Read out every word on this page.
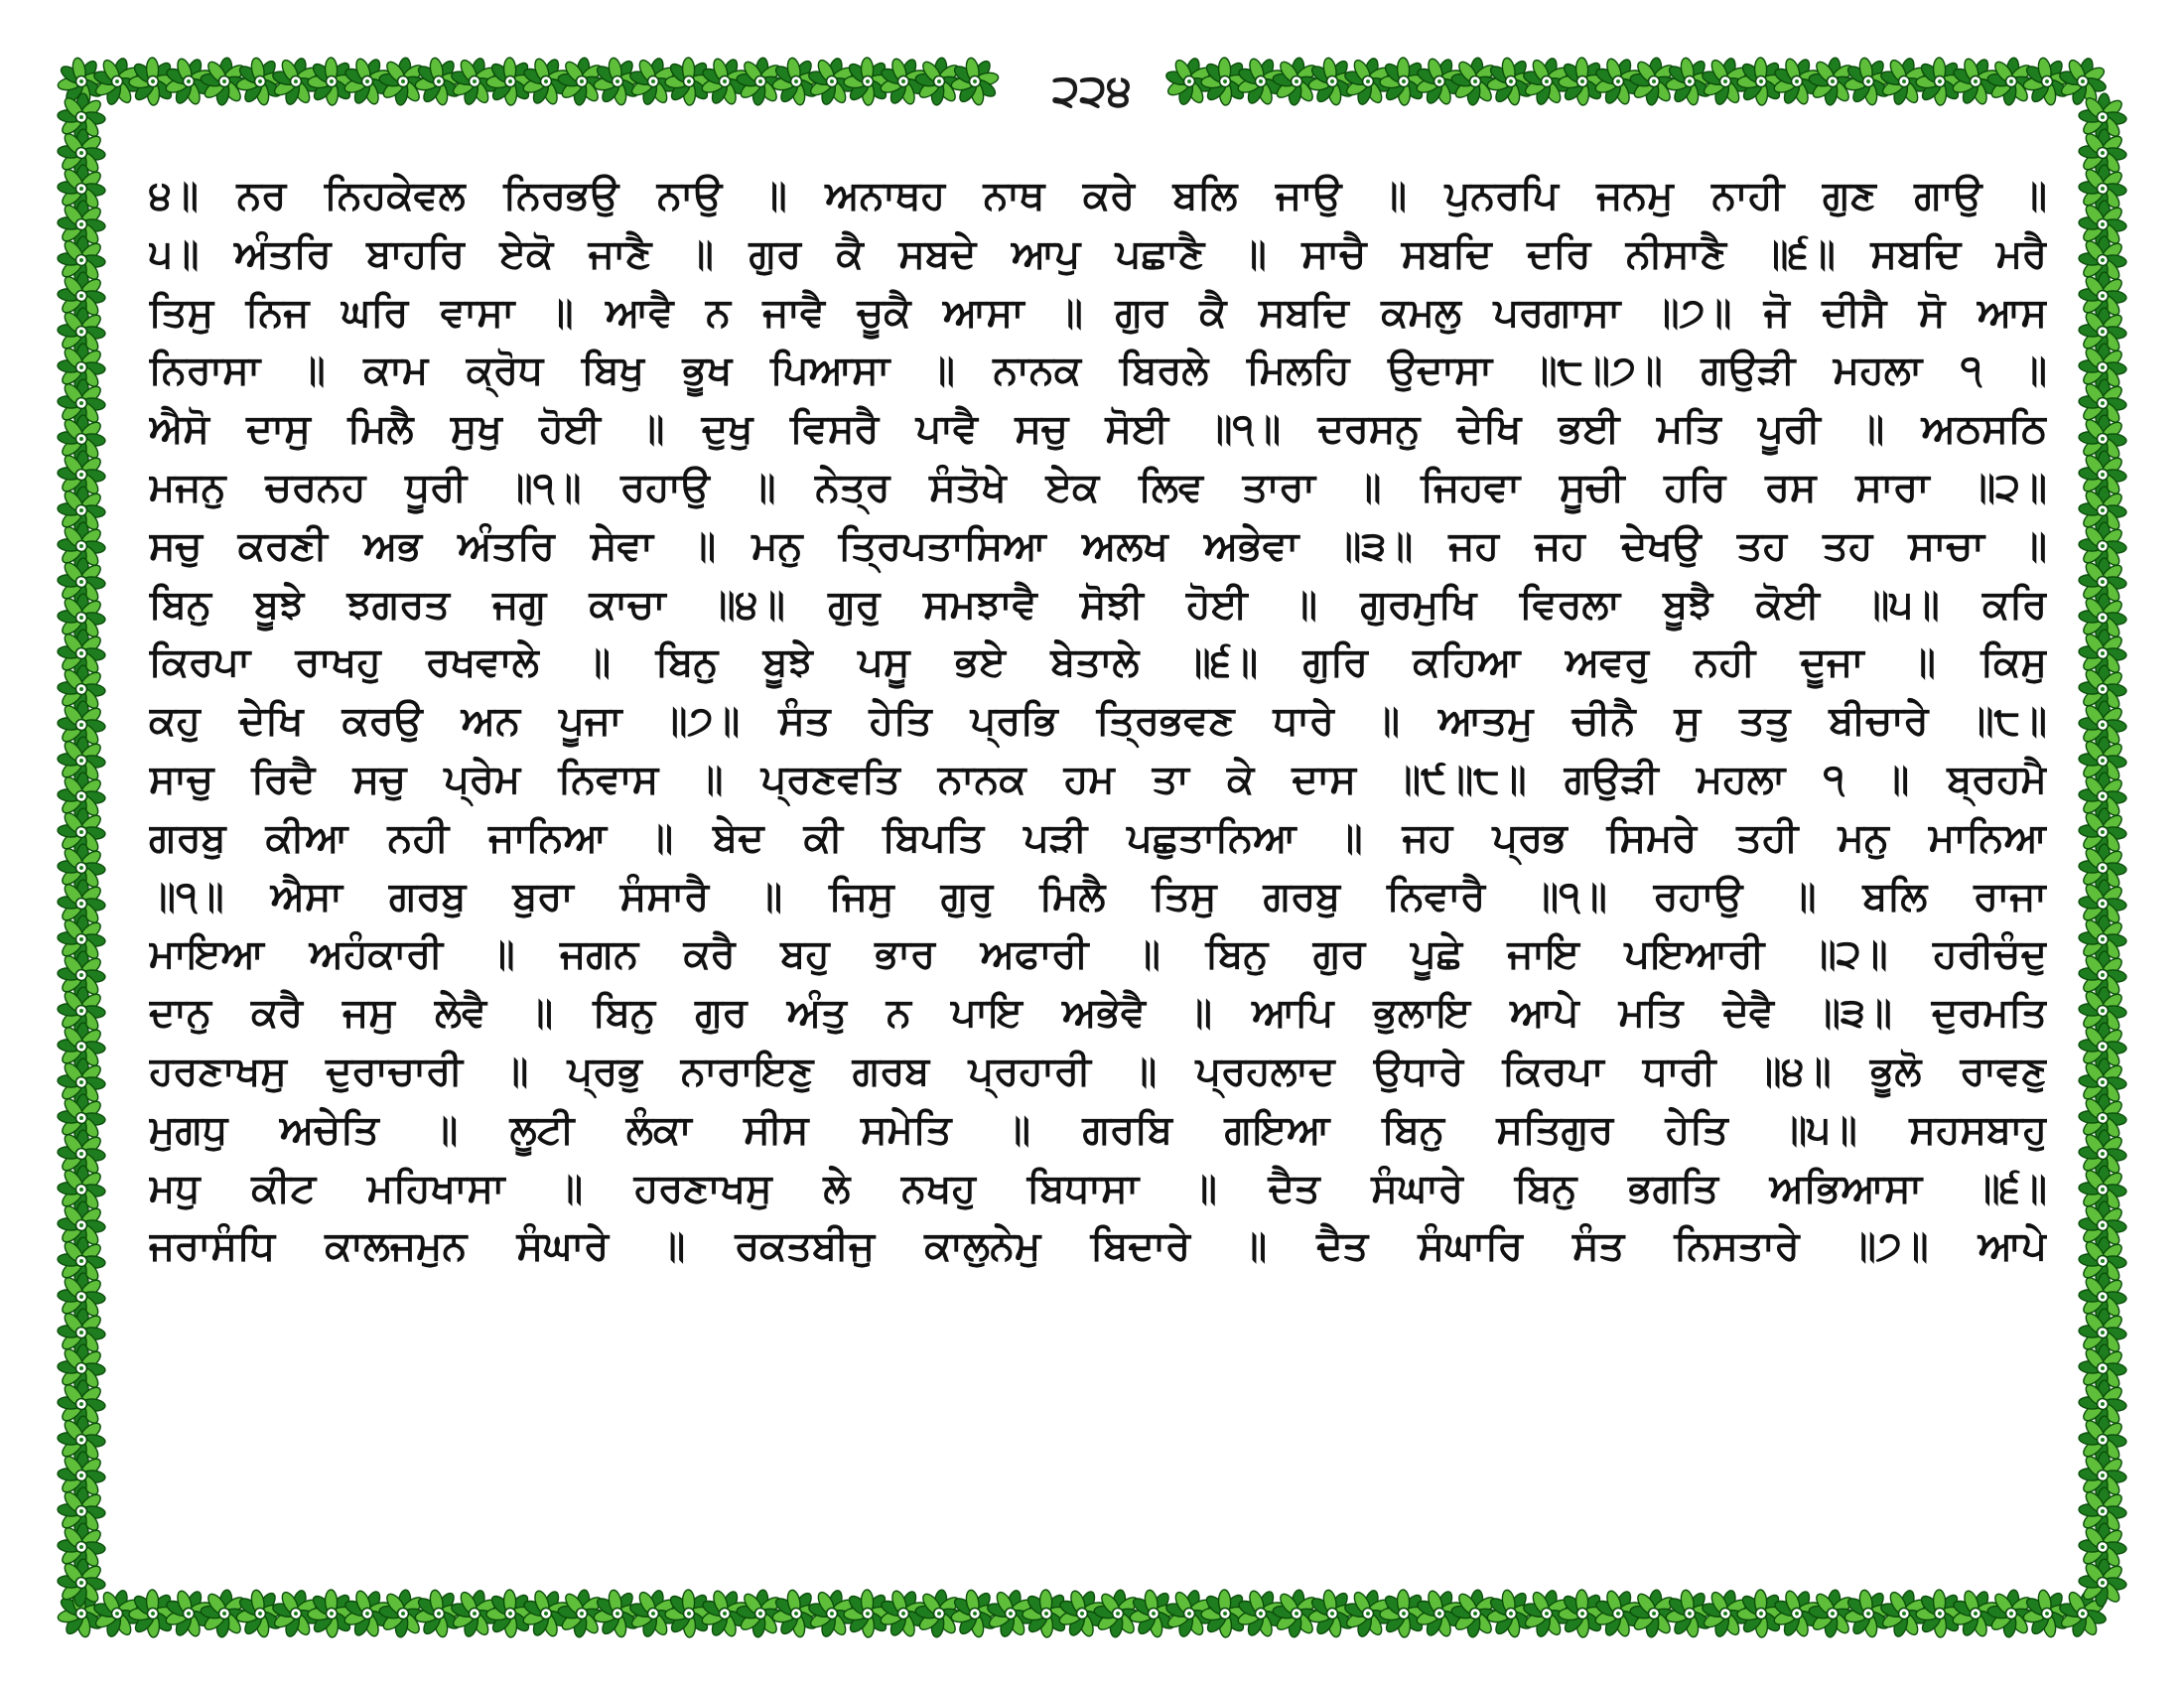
੨੨੪
੪॥ ਨਰ ਨਿਹਕੇਵਲ ਨਿਰਭਉ ਨਾਉ ॥ ਅਨਾਥਹ ਨਾਥ ਕਰੇ ਬਲਿ ਜਾਉ ॥ ਪੁਨਰਪਿ ਜਨਮੁ ਨਾਹੀ ਗੁਣ ਗਾਉ ॥
੫॥ ਅੰਤਰਿ ਬਾਹਰਿ ਏਕੋ ਜਾਣੈ ॥ ਗੁਰ ਕੈ ਸਬਦੇ ਆਪੁ ਪਛਾਣੈ ॥ ਸਾਚੈ ਸਬਦਿ ਦਰਿ ਨੀਸਾਣੈ ॥੬॥ ਸਬਦਿ ਮਰੈ
ਤਿਸੁ ਨਿਜ ਘਰਿ ਵਾਸਾ ॥ ਆਵੈ ਨ ਜਾਵੈ ਚੂਕੈ ਆਸਾ ॥ ਗੁਰ ਕੈ ਸਬਦਿ ਕਮਲੁ ਪਰਗਾਸਾ ॥੭॥ ਜੋ ਦੀਸੈ ਸੋ ਆਸ
ਨਿਰਾਸਾ ॥ ਕਾਮ ਕ੍ਰੋਧ ਬਿਖੁ ਭੂਖ ਪਿਆਸਾ ॥ ਨਾਨਕ ਬਿਰਲੇ ਮਿਲਹਿ ਉਦਾਸਾ ॥੮॥੭॥ ਗਉੜੀ ਮਹਲਾ ੧ ॥
ਐਸੋ ਦਾਸੁ ਮਿਲੈ ਸੁਖੁ ਹੋਈ ॥ ਦੁਖੁ ਵਿਸਰੈ ਪਾਵੈ ਸਚੁ ਸੋਈ ॥੧॥ ਦਰਸਨੁ ਦੇਖਿ ਭਈ ਮਤਿ ਪੂਰੀ ॥ ਅਠਸਠਿ
ਮਜਨੁ ਚਰਨਹ ਧੂਰੀ ॥੧॥ ਰਹਾਉ ॥ ਨੇਤ੍ਰ ਸੰਤੋਖੇ ਏਕ ਲਿਵ ਤਾਰਾ ॥ ਜਿਹਵਾ ਸੂਚੀ ਹਰਿ ਰਸ ਸਾਰਾ ॥੨॥
ਸਚੁ ਕਰਣੀ ਅਭ ਅੰਤਰਿ ਸੇਵਾ ॥ ਮਨੁ ਤ੍ਰਿਪਤਾਸਿਆ ਅਲਖ ਅਭੇਵਾ ॥੩॥ ਜਹ ਜਹ ਦੇਖਉ ਤਹ ਤਹ ਸਾਚਾ ॥
ਬਿਨੁ ਬੂਝੇ ਝਗਰਤ ਜਗੁ ਕਾਚਾ ॥੪॥ ਗੁਰੁ ਸਮਝਾਵੈ ਸੋਝੀ ਹੋਈ ॥ ਗੁਰਮੁਖਿ ਵਿਰਲਾ ਬੂਝੈ ਕੋਈ ॥੫॥ ਕਰਿ
ਕਿਰਪਾ ਰਾਖਹੁ ਰਖਵਾਲੇ ॥ ਬਿਨੁ ਬੂਝੇ ਪਸੂ ਭਏ ਬੇਤਾਲੇ ॥੬॥ ਗੁਰਿ ਕਹਿਆ ਅਵਰੁ ਨਹੀ ਦੂਜਾ ॥ ਕਿਸੁ
ਕਹੁ ਦੇਖਿ ਕਰਉ ਅਨ ਪੂਜਾ ॥੭॥ ਸੰਤ ਹੇਤਿ ਪ੍ਰਭਿ ਤ੍ਰਿਭਵਣ ਧਾਰੇ ॥ ਆਤਮੁ ਚੀਨੈ ਸੁ ਤਤੁ ਬੀਚਾਰੇ ॥੮॥
ਸਾਚੁ ਰਿਦੈ ਸਚੁ ਪ੍ਰੇਮ ਨਿਵਾਸ ॥ ਪ੍ਰਣਵਤਿ ਨਾਨਕ ਹਮ ਤਾ ਕੇ ਦਾਸ ॥੯॥੮॥ ਗਉੜੀ ਮਹਲਾ ੧ ॥ ਬ੍ਰਹਮੈ
ਗਰਬੁ ਕੀਆ ਨਹੀ ਜਾਨਿਆ ॥ ਬੇਦ ਕੀ ਬਿਪਤਿ ਪੜੀ ਪਛੁਤਾਨਿਆ ॥ ਜਹ ਪ੍ਰਭ ਸਿਮਰੇ ਤਹੀ ਮਨੁ ਮਾਨਿਆ
॥੧॥ ਐਸਾ ਗਰਬੁ ਬੁਰਾ ਸੰਸਾਰੈ ॥ ਜਿਸੁ ਗੁਰੁ ਮਿਲੈ ਤਿਸੁ ਗਰਬੁ ਨਿਵਾਰੈ ॥੧॥ ਰਹਾਉ ॥ ਬਲਿ ਰਾਜਾ
ਮਾਇਆ ਅਹੰਕਾਰੀ ॥ ਜਗਨ ਕਰੈ ਬਹੁ ਭਾਰ ਅਫਾਰੀ ॥ ਬਿਨੁ ਗੁਰ ਪੂਛੇ ਜਾਇ ਪਇਆਰੀ ॥੨॥ ਹਰੀਚੰਦੁ
ਦਾਨੁ ਕਰੈ ਜਸੁ ਲੇਵੈ ॥ ਬਿਨੁ ਗੁਰ ਅੰਤੁ ਨ ਪਾਇ ਅਭੇਵੈ ॥ ਆਪਿ ਭੁਲਾਇ ਆਪੇ ਮਤਿ ਦੇਵੈ ॥੩॥ ਦੁਰਮਤਿ
ਹਰਣਾਖਸੁ ਦੁਰਾਚਾਰੀ ॥ ਪ੍ਰਭੁ ਨਾਰਾਇਣੁ ਗਰਬ ਪ੍ਰਹਾਰੀ ॥ ਪ੍ਰਹਲਾਦ ਉਧਾਰੇ ਕਿਰਪਾ ਧਾਰੀ ॥੪॥ ਭੂਲੋ ਰਾਵਣੁ
ਮੁਗਧੁ ਅਚੇਤਿ ॥ ਲੂਟੀ ਲੰਕਾ ਸੀਸ ਸਮੇਤਿ ॥ ਗਰਬਿ ਗਇਆ ਬਿਨੁ ਸਤਿਗੁਰ ਹੇਤਿ ॥੫॥ ਸਹਸਬਾਹੁ
ਮਧੁ ਕੀਟ ਮਹਿਖਾਸਾ ॥ ਹਰਣਾਖਸੁ ਲੇ ਨਖਹੁ ਬਿਧਾਸਾ ॥ ਦੈਤ ਸੰਘਾਰੇ ਬਿਨੁ ਭਗਤਿ ਅਭਿਆਸਾ ॥੬॥
ਜਰਾਸੰਧਿ ਕਾਲਜਮੁਨ ਸੰਘਾਰੇ ॥ ਰਕਤਬੀਜੁ ਕਾਲੁਨੇਮੁ ਬਿਦਾਰੇ ॥ ਦੈਤ ਸੰਘਾਰਿ ਸੰਤ ਨਿਸਤਾਰੇ ॥੭॥ ਆਪੇ
